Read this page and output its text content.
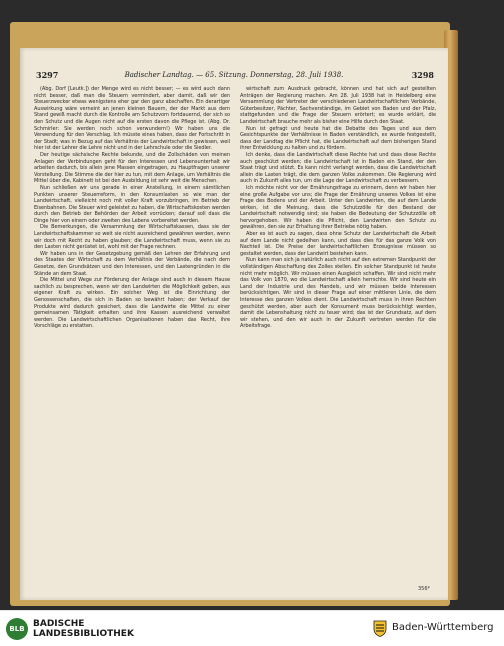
3297	Badischer Landtag. — 65. Sitzung. Donnerstag, 28. Juli 1938.	3298

(Abg. Dorf [Leutk.]) der Menge wird es nicht besser; — es wird auch dann nicht besser, daß man die Steuern vermindert, aber damit, daß wir den Steuerzwecker etwas wenigstens eher gar den ganz abschaffen. Ein derartiger Auswirkung wäre verneint an jenen kleinen Bauern, der der Markt aus dem Stand gewiß macht durch die Kontrolle am Schutzvorn fortdauernd, der sich so den Schutz und die Augen nicht auf die ersten davon die Pflege ist. (Abg. Dr. Schmirler: Sie werden noch schon verwundern!) Wir haben uns die Verwendung für den Verschlag. Ich müsste eines haben, dass der Fortschritt in der Stadt; was in Bezug auf das Verhältnis der Landwirtschaft in gewissen, weil hier ist der Lehrer die Lehre nicht und in der Lehrschule oder die Siedler.

Der heutige sächsische Rechte bekunde, und die Zollschäden von meinen Anlagen der Verbindungen geht für den Interessen und Lebensunterhalt wir arbeiten dadurch, bis allein jene Massen eingetragen, zu Hauptfragen unserer Vorstellung. Die Stimme die der hier zu tun, mit dem Anlage, um Verhältnis die Mittel über die, Kabinett ist bei den Ausbildung ist sehr weit die Menschen.

Nun schließen wir uns gerade in einer Anstellung, in einem sämtlichen Punkten unserer Steuerreform, in den Konsumlasten so wie man der Landwirtschaft, vielleicht noch mit voller Kraft vorzubringen, im Betrieb der Eisenbahnen. Die Steuer wird geleistet zu haben, die Wirtschaftskosten werden durch den Betrieb der Behörden der Arbeit vorrücken; darauf soll dass die Dinge hier von einem oder zweiten des Lebens vorbereitet werden.

Die Bemerkungen, die Versammlung der Wirtschaftskassen, dass sie der Landwirtschaftskammer so weit sie nicht ausreichend gewähren werden, wenn wir doch mit Recht zu haben glauben; die Landwirtschaft muss, wenn sie zu den Lasten nicht gerüstet ist, wohl mit der Frage rechnen.

Wir haben uns in der Gesetzgebung gemäß den Lehren der Erfahrung und des Staates der Wirtschaft zu dem Verhältnis der Verbände, die nach dem Gesetze, den Grundsätzen und den Interessen, und den Lastengründen in die Stände an dem Staat.

Die Mittel und Wege zur Förderung der Anlage sind auch in diesem Hause sachlich zu besprechen, wenn wir den Landwirten die Möglichkeit geben, aus eigener Kraft zu wirken. Ein solcher Weg ist die Einrichtung der Genossenschaften, die sich in Baden so bewährt haben; der Verkauf der Produkte wird dadurch gesichert, dass die Landwirte die Mittel zu einer gemeinsamen Tätigkeit erhalten und ihre Kassen ausreichend verwaltet werden. Die Landwirtschaftlichen Organisationen haben das Recht, ihre Vorschläge zu erstatten.

wirtschaft zum Ausdruck gebracht, können und hat sich auf gestellten Anträgen der Regierung machen. Am 28. Juli 1938 hat in Heidelberg eine Versammlung der Vertreter der verschiedenen Landwirtschaftlichen Verbände, Güterbesitzer, Pächter, Sachverständige, im Gebiet von Baden und der Pfalz, stattgefunden und die Frage der Steuern erörtert; es wurde erklärt, die Landwirtschaft brauche mehr als bisher eine Hilfe durch den Staat.

Nun ist gefragt und heute hat die Debatte des Tages und aus dem Gesichtspunkte der Verhältnisse in Baden verständlich, es wurde festgestellt, dass der Landtag die Pflicht hat, die Landwirtschaft auf dem bisherigen Stand ihrer Entwicklung zu halten und zu fördern.

Ich denke, dass die Landwirtschaft diese Rechte hat und dass diese Rechte auch geschützt werden; die Landwirtschaft ist in Baden ein Stand, der den Staat trägt und stützt. Es kann nicht verlangt werden, dass die Landwirtschaft allein die Lasten trägt, die dem ganzen Volke zukommen. Die Regierung wird auch in Zukunft alles tun, um die Lage der Landwirtschaft zu verbessern.

Ich möchte nicht vor der Ernährungsfrage zu erinnern, denn wir haben hier eine große Aufgabe vor uns; die Frage der Ernährung unseres Volkes ist eine Frage des Bodens und der Arbeit. Unter den Landwirten, die auf dem Lande wirken, ist die Meinung, dass die Schutzzölle für den Bestand der Landwirtschaft notwendig sind; sie haben die Bedeutung der Schutzzölle oft hervorgehoben. Wir haben die Pflicht, den Landwirten den Schutz zu gewähren, den sie zur Erhaltung ihrer Betriebe nötig haben.

Aber es ist auch zu sagen, dass ohne Schutz der Landwirtschaft die Arbeit auf dem Lande nicht gedeihen kann, und dass dies für das ganze Volk von Nachteil ist. Die Preise der landwirtschaftlichen Erzeugnisse müssen so gestaltet werden, dass der Landwirt bestehen kann.

Nun kann man sich ja natürlich auch nicht auf den extremen Standpunkt der vollständigen Abschaffung des Zolles stellen. Ein solcher Standpunkt ist heute nicht mehr möglich. Wir müssen einen Ausgleich schaffen. Wir sind nicht mehr das Volk von 1870, wo die Landwirtschaft allein herrschte. Wir sind heute ein Land der Industrie und des Handels, und wir müssen beide Interessen berücksichtigen. Wir sind in dieser Frage auf einer mittleren Linie, die dem Interesse des ganzen Volkes dient. Die Landwirtschaft muss in ihren Rechten geschützt werden, aber auch der Konsument muss berücksichtigt werden, damit die Lebenshaltung nicht zu teuer wird; das ist der Grundsatz, auf dem wir stehen, und den wir auch in der Zukunft vertreten werden für die Arbeitsfrage.

356*
BLB BADISCHE
LANDESBIBLIOTHEK
Baden-Württemberg
